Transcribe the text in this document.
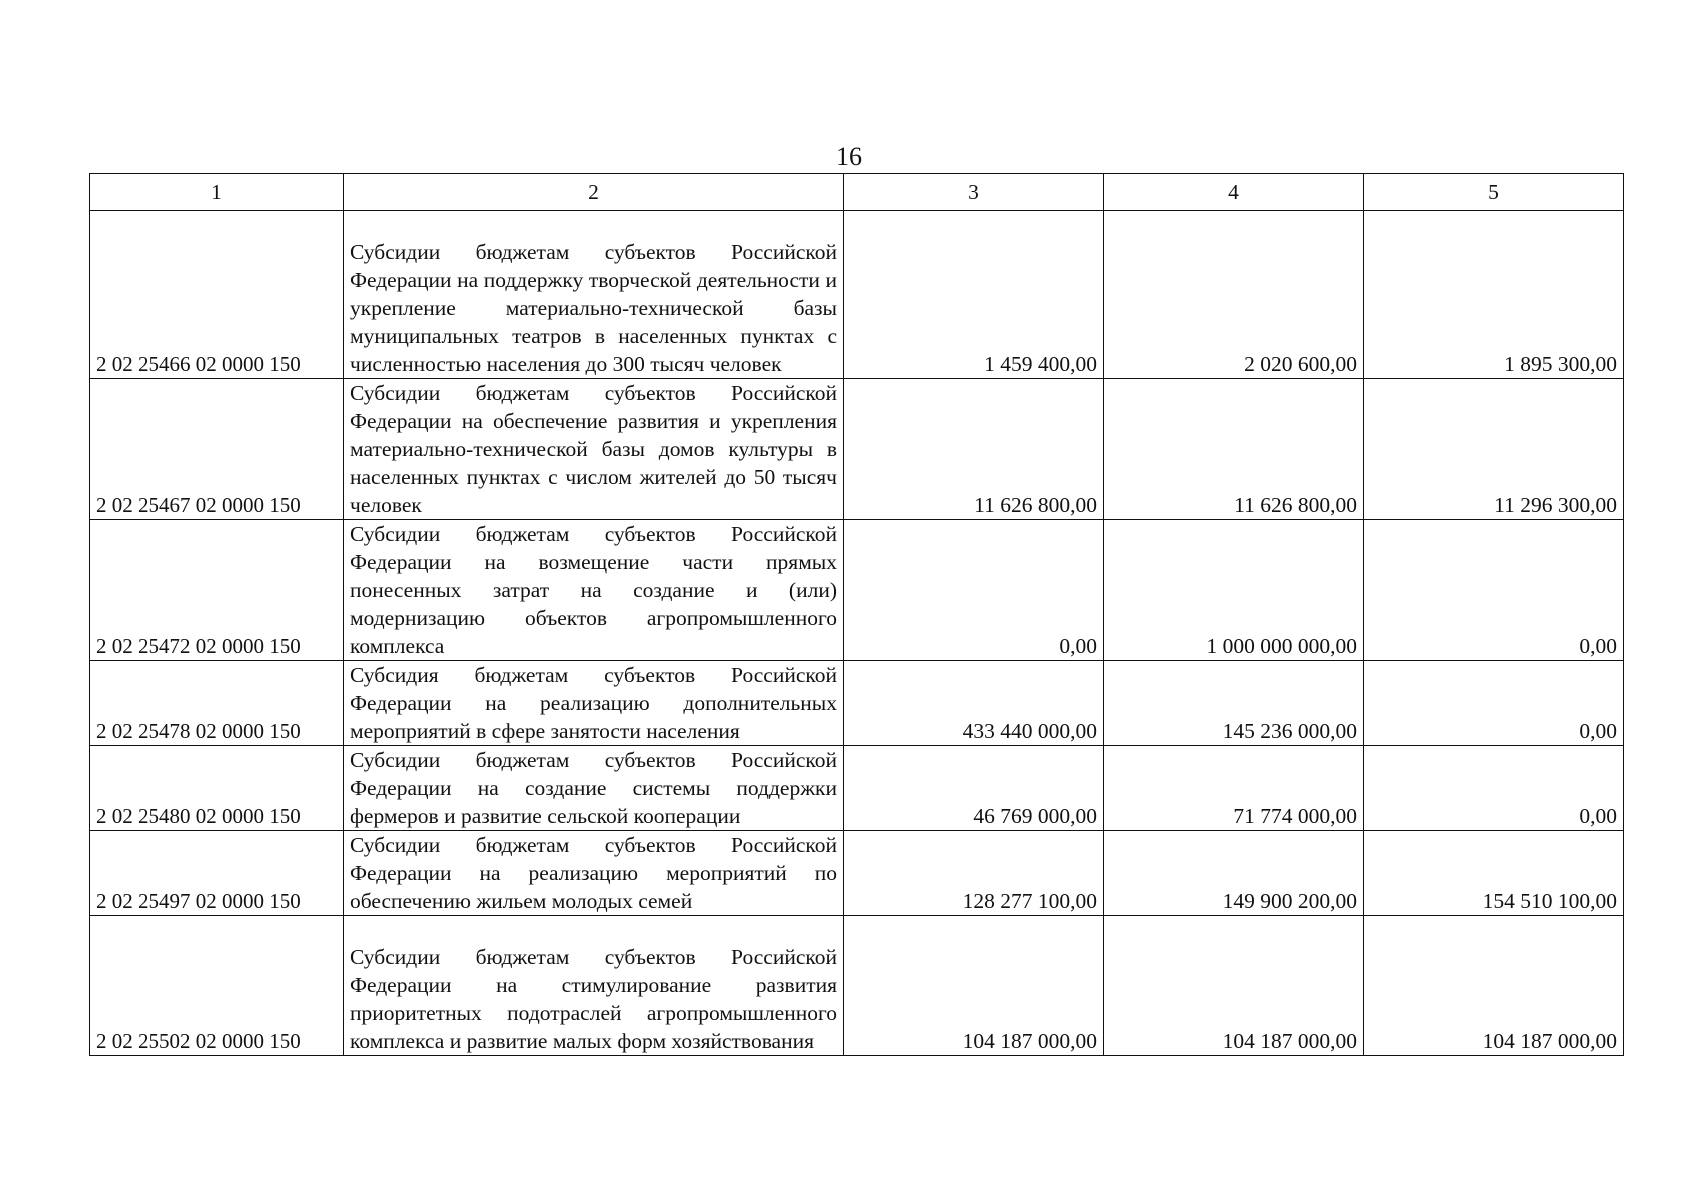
16
1	2	3	4	5
2 02 25466 02 0000 150	Субсидии бюджетам субъектов Российской Федерации на поддержку творческой деятельности и укрепление материально-технической базы муниципальных театров в населенных пунктах с численностью населения до 300 тысяч человек	1 459 400,00	2 020 600,00	1 895 300,00
2 02 25467 02 0000 150	Субсидии бюджетам субъектов Российской Федерации на обеспечение развития и укрепления материально-технической базы домов культуры в населенных пунктах с числом жителей до 50 тысяч человек	11 626 800,00	11 626 800,00	11 296 300,00
2 02 25472 02 0000 150	Субсидии бюджетам субъектов Российской Федерации на возмещение части прямых понесенных затрат на создание и (или) модернизацию объектов агропромышленного комплекса	0,00	1 000 000 000,00	0,00
2 02 25478 02 0000 150	Субсидия бюджетам субъектов Российской Федерации на реализацию дополнительных мероприятий в сфере занятости населения	433 440 000,00	145 236 000,00	0,00
2 02 25480 02 0000 150	Субсидии бюджетам субъектов Российской Федерации на создание системы поддержки фермеров и развитие сельской кооперации	46 769 000,00	71 774 000,00	0,00
2 02 25497 02 0000 150	Субсидии бюджетам субъектов Российской Федерации на реализацию мероприятий по обеспечению жильем молодых семей	128 277 100,00	149 900 200,00	154 510 100,00
2 02 25502 02 0000 150	Субсидии бюджетам субъектов Российской Федерации на стимулирование развития приоритетных подотраслей агропромышленного комплекса и развитие малых форм хозяйствования	104 187 000,00	104 187 000,00	104 187 000,00
